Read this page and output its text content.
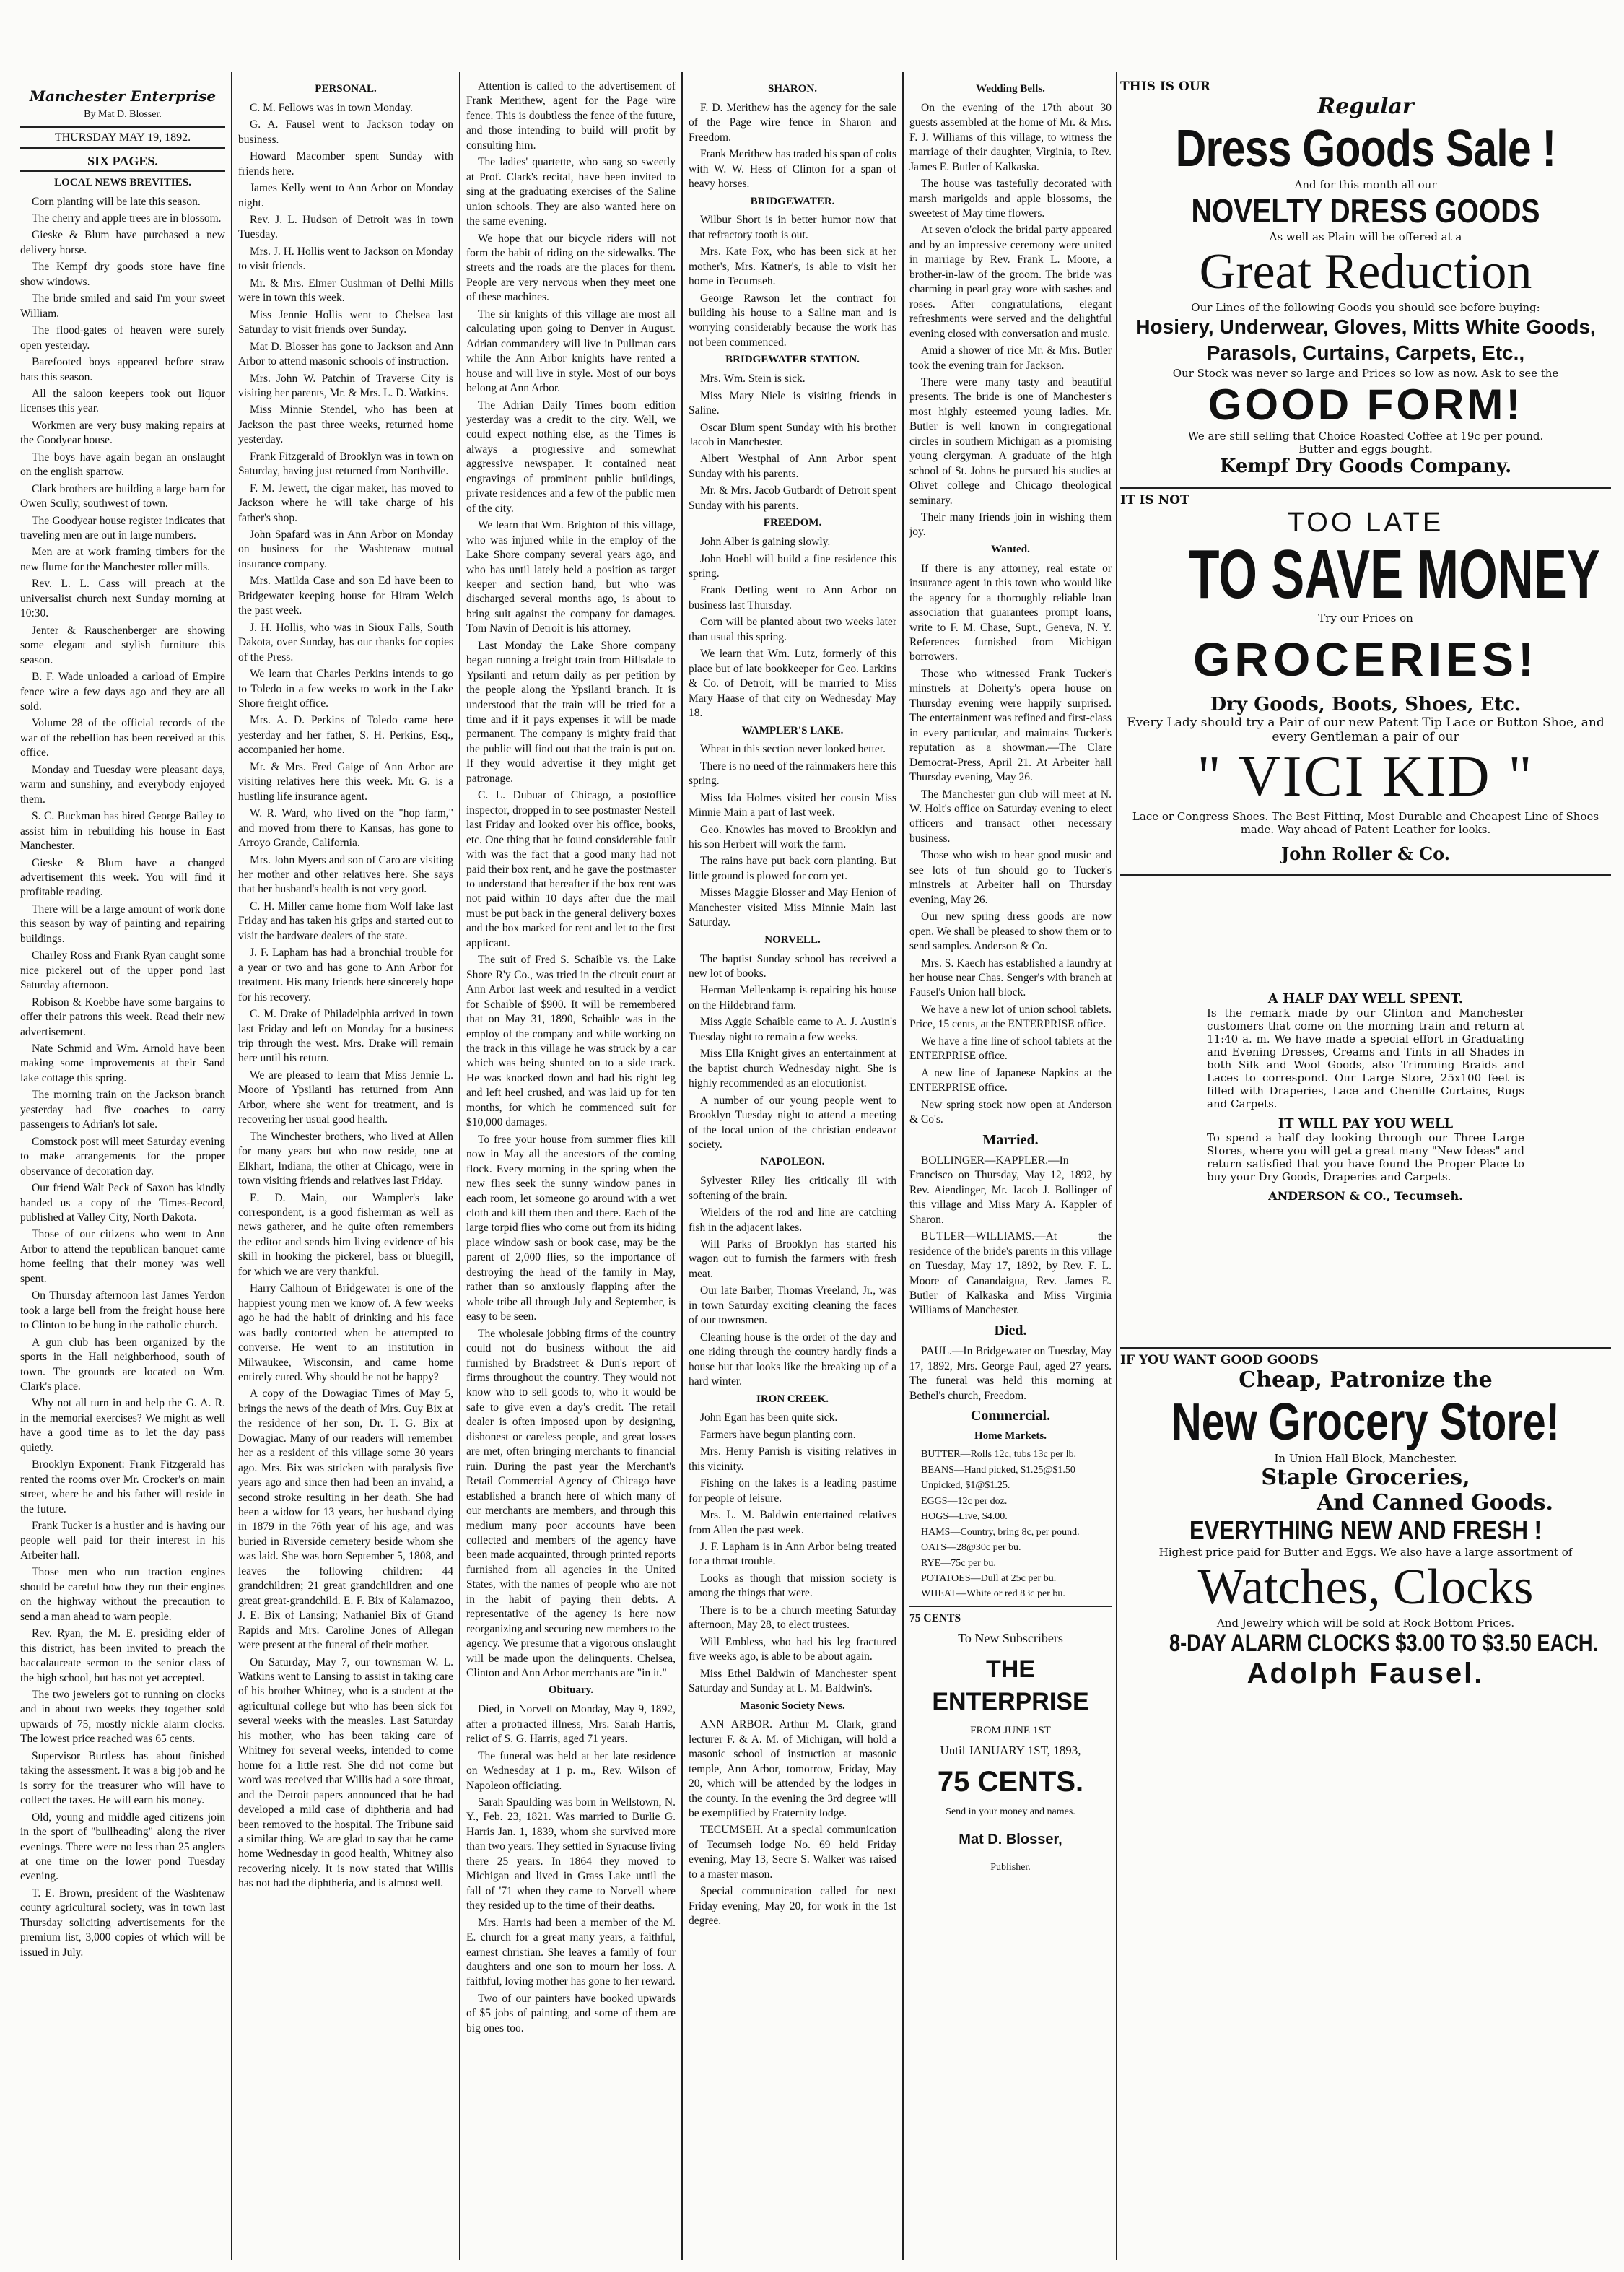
Manchester Enterprise
By Mat D. Blosser.
THURSDAY MAY 19, 1892.
SIX PAGES.
LOCAL NEWS BREVITIES.

Corn planting will be late this season.

The cherry and apple trees are in blossom.

Gieske & Blum have purchased a new delivery horse.

The Kempf dry goods store have fine show windows.

The bride smiled and said I'm your sweet William.

The flood-gates of heaven were surely open yesterday.

Barefooted boys appeared before straw hats this season.

All the saloon keepers took out liquor licenses this year.

Workmen are very busy making repairs at the Goodyear house.

The boys have again began an onslaught on the english sparrow.

Clark brothers are building a large barn for Owen Scully, southwest of town.

The Goodyear house register indicates that traveling men are out in large numbers.

Men are at work framing timbers for the new flume for the Manchester roller mills.

Rev. L. L. Cass will preach at the universalist church next Sunday morning at 10:30.

Jenter & Rauschenberger are showing some elegant and stylish furniture this season.

B. F. Wade unloaded a carload of Empire fence wire a few days ago and they are all sold.

Volume 28 of the official records of the war of the rebellion has been received at this office.

Monday and Tuesday were pleasant days, warm and sunshiny, and everybody enjoyed them.

S. C. Buckman has hired George Bailey to assist him in rebuilding his house in East Manchester.

Gieske & Blum have a changed advertisement this week. You will find it profitable reading.

There will be a large amount of work done this season by way of painting and repairing buildings.

Charley Ross and Frank Ryan caught some nice pickerel out of the upper pond last Saturday afternoon.

Robison & Koebbe have some bargains to offer their patrons this week. Read their new advertisement.

Nate Schmid and Wm. Arnold have been making some improvements at their Sand lake cottage this spring.

The morning train on the Jackson branch yesterday had five coaches to carry passengers to Adrian's lot sale.

Comstock post will meet Saturday evening to make arrangements for the proper observance of decoration day.

Our friend Walt Peck of Saxon has kindly handed us a copy of the Times-Record, published at Valley City, North Dakota.

Those of our citizens who went to Ann Arbor to attend the republican banquet came home feeling that their money was well spent.

On Thursday afternoon last James Yerdon took a large bell from the freight house here to Clinton to be hung in the catholic church.

A gun club has been organized by the sports in the Hall neighborhood, south of town. The grounds are located on Wm. Clark's place.

Why not all turn in and help the G. A. R. in the memorial exercises? We might as well have a good time as to let the day pass quietly.

Brooklyn Exponent: Frank Fitzgerald has rented the rooms over Mr. Crocker's on main street, where he and his father will reside in the future.

Frank Tucker is a hustler and is having our people well paid for their interest in his Arbeiter hall.

Those men who run traction engines should be careful how they run their engines on the highway without the precaution to send a man ahead to warn people.

Rev. Ryan, the M. E. presiding elder of this district, has been invited to preach the baccalaureate sermon to the senior class of the high school, but has not yet accepted.

The two jewelers got to running on clocks and in about two weeks they together sold upwards of 75, mostly nickle alarm clocks. The lowest price reached was 65 cents.

Supervisor Burtless has about finished taking the assessment. It was a big job and he is sorry for the treasurer who will have to collect the taxes. He will earn his money.

Old, young and middle aged citizens join in the sport of "bullheading" along the river evenings. There were no less than 25 anglers at one time on the lower pond Tuesday evening.

T. E. Brown, president of the Washtenaw county agricultural society, was in town last Thursday soliciting advertisements for the premium list, 3,000 copies of which will be issued in July.

PERSONAL.

C. M. Fellows was in town Monday.

G. A. Fausel went to Jackson today on business.

Howard Macomber spent Sunday with friends here.

James Kelly went to Ann Arbor on Monday night.

Rev. J. L. Hudson of Detroit was in town Tuesday.

Mrs. J. H. Hollis went to Jackson on Monday to visit friends.

Mr. & Mrs. Elmer Cushman of Delhi Mills were in town this week.

Miss Jennie Hollis went to Chelsea last Saturday to visit friends over Sunday.

Mat D. Blosser has gone to Jackson and Ann Arbor to attend masonic schools of instruction.

Mrs. John W. Patchin of Traverse City is visiting her parents, Mr. & Mrs. L. D. Watkins.

Miss Minnie Stendel, who has been at Jackson the past three weeks, returned home yesterday.

Frank Fitzgerald of Brooklyn was in town on Saturday, having just returned from Northville.

F. M. Jewett, the cigar maker, has moved to Jackson where he will take charge of his father's shop.

John Spafard was in Ann Arbor on Monday on business for the Washtenaw mutual insurance company.

Mrs. Matilda Case and son Ed have been to Bridgewater keeping house for Hiram Welch the past week.

J. H. Hollis, who was in Sioux Falls, South Dakota, over Sunday, has our thanks for copies of the Press.

We learn that Charles Perkins intends to go to Toledo in a few weeks to work in the Lake Shore freight office.

Mrs. A. D. Perkins of Toledo came here yesterday and her father, S. H. Perkins, Esq., accompanied her home.

Mr. & Mrs. Fred Gaige of Ann Arbor are visiting relatives here this week. Mr. G. is a hustling life insurance agent.

W. R. Ward, who lived on the "hop farm," and moved from there to Kansas, has gone to Arroyo Grande, California.

Mrs. John Myers and son of Caro are visiting her mother and other relatives here. She says that her husband's health is not very good.

C. H. Miller came home from Wolf lake last Friday and has taken his grips and started out to visit the hardware dealers of the state.

J. F. Lapham has had a bronchial trouble for a year or two and has gone to Ann Arbor for treatment. His many friends here sincerely hope for his recovery.

C. M. Drake of Philadelphia arrived in town last Friday and left on Monday for a business trip through the west. Mrs. Drake will remain here until his return.

We are pleased to learn that Miss Jennie L. Moore of Ypsilanti has returned from Ann Arbor, where she went for treatment, and is recovering her usual good health.

The Winchester brothers, who lived at Allen for many years but who now reside, one at Elkhart, Indiana, the other at Chicago, were in town visiting friends and relatives last Friday.

E. D. Main, our Wampler's lake correspondent, is a good fisherman as well as news gatherer, and he quite often remembers the editor and sends him living evidence of his skill in hooking the pickerel, bass or bluegill, for which we are very thankful.

Harry Calhoun of Bridgewater is one of the happiest young men we know of. A few weeks ago he had the habit of drinking and his face was badly contorted when he attempted to converse. He went to an institution in Milwaukee, Wisconsin, and came home entirely cured. Why should he not be happy?

A copy of the Dowagiac Times of May 5, brings the news of the death of Mrs. Guy Bix at the residence of her son, Dr. T. G. Bix at Dowagiac. Many of our readers will remember her as a resident of this village some 30 years ago. Mrs. Bix was stricken with paralysis five years ago and since then had been an invalid, a second stroke resulting in her death. She had been a widow for 13 years, her husband dying in 1879 in the 76th year of his age, and was buried in Riverside cemetery beside whom she was laid. She was born September 5, 1808, and leaves the following children: 44 grandchildren; 21 great grandchildren and one great great-grandchild. E. F. Bix of Kalamazoo, J. E. Bix of Lansing; Nathaniel Bix of Grand Rapids and Mrs. Caroline Jones of Allegan were present at the funeral of their mother.

On Saturday, May 7, our townsman W. L. Watkins went to Lansing to assist in taking care of his brother Whitney, who is a student at the agricultural college but who has been sick for several weeks with the measles. Last Saturday his mother, who has been taking care of Whitney for several weeks, intended to come home for a little rest. She did not come but word was received that Willis had a sore throat, and the Detroit papers announced that he had developed a mild case of diphtheria and had been removed to the hospital. The Tribune said a similar thing. We are glad to say that he came home Wednesday in good health, Whitney also recovering nicely. It is now stated that Willis has not had the diphtheria, and is almost well.

Attention is called to the advertisement of Frank Merithew, agent for the Page wire fence. This is doubtless the fence of the future, and those intending to build will profit by consulting him.

The ladies' quartette, who sang so sweetly at Prof. Clark's recital, have been invited to sing at the graduating exercises of the Saline union schools. They are also wanted here on the same evening.

We hope that our bicycle riders will not form the habit of riding on the sidewalks. The streets and the roads are the places for them. People are very nervous when they meet one of these machines.

The sir knights of this village are most all calculating upon going to Denver in August. Adrian commandery will live in Pullman cars while the Ann Arbor knights have rented a house and will live in style. Most of our boys belong at Ann Arbor.

The Adrian Daily Times boom edition yesterday was a credit to the city. Well, we could expect nothing else, as the Times is always a progressive and somewhat aggressive newspaper. It contained neat engravings of prominent public buildings, private residences and a few of the public men of the city.

We learn that Wm. Brighton of this village, who was injured while in the employ of the Lake Shore company several years ago, and who has until lately held a position as target keeper and section hand, but who was discharged several months ago, is about to bring suit against the company for damages. Tom Navin of Detroit is his attorney.

Last Monday the Lake Shore company began running a freight train from Hillsdale to Ypsilanti and return daily as per petition by the people along the Ypsilanti branch. It is understood that the train will be tried for a time and if it pays expenses it will be made permanent. The company is mighty fraid that the public will find out that the train is put on. If they would advertise it they might get patronage.

C. L. Dubuar of Chicago, a postoffice inspector, dropped in to see postmaster Nestell last Friday and looked over his office, books, etc. One thing that he found considerable fault with was the fact that a good many had not paid their box rent, and he gave the postmaster to understand that hereafter if the box rent was not paid within 10 days after due the mail must be put back in the general delivery boxes and the box marked for rent and let to the first applicant.

The suit of Fred S. Schaible vs. the Lake Shore R'y Co., was tried in the circuit court at Ann Arbor last week and resulted in a verdict for Schaible of $900. It will be remembered that on May 31, 1890, Schaible was in the employ of the company and while working on the track in this village he was struck by a car which was being shunted on to a side track. He was knocked down and had his right leg and left heel crushed, and was laid up for ten months, for which he commenced suit for $10,000 damages.

To free your house from summer flies kill now in May all the ancestors of the coming flock. Every morning in the spring when the new flies seek the sunny window panes in each room, let someone go around with a wet cloth and kill them then and there. Each of the large torpid flies who come out from its hiding place window sash or book case, may be the parent of 2,000 flies, so the importance of destroying the head of the family in May, rather than so anxiously flapping after the whole tribe all through July and September, is easy to be seen.

The wholesale jobbing firms of the country could not do business without the aid furnished by Bradstreet & Dun's report of firms throughout the country. They would not know who to sell goods to, who it would be safe to give even a day's credit. The retail dealer is often imposed upon by designing, dishonest or careless people, and great losses are met, often bringing merchants to financial ruin. During the past year the Merchant's Retail Commercial Agency of Chicago have established a branch here of which many of our merchants are members, and through this medium many poor accounts have been collected and members of the agency have been made acquainted, through printed reports furnished from all agencies in the United States, with the names of people who are not in the habit of paying their debts. A representative of the agency is here now reorganizing and securing new members to the agency. We presume that a vigorous onslaught will be made upon the delinquents. Chelsea, Clinton and Ann Arbor merchants are "in it."

Obituary.

Died, in Norvell on Monday, May 9, 1892, after a protracted illness, Mrs. Sarah Harris, relict of S. G. Harris, aged 71 years.

The funeral was held at her late residence on Wednesday at 1 p. m., Rev. Wilson of Napoleon officiating.

Sarah Spaulding was born in Wellstown, N. Y., Feb. 23, 1821. Was married to Burlie G. Harris Jan. 1, 1839, whom she survived more than two years. They settled in Syracuse living there 25 years. In 1864 they moved to Michigan and lived in Grass Lake until the fall of '71 when they came to Norvell where they resided up to the time of their deaths.

Mrs. Harris had been a member of the M. E. church for a great many years, a faithful, earnest christian. She leaves a family of four daughters and one son to mourn her loss. A faithful, loving mother has gone to her reward.

Two of our painters have booked upwards of $5 jobs of painting, and some of them are big ones too.

SHARON.

F. D. Merithew has the agency for the sale of the Page wire fence in Sharon and Freedom.

Frank Merithew has traded his span of colts with W. W. Hess of Clinton for a span of heavy horses.

BRIDGEWATER.

Wilbur Short is in better humor now that that refractory tooth is out.

Mrs. Kate Fox, who has been sick at her mother's, Mrs. Katner's, is able to visit her home in Tecumseh.

George Rawson let the contract for building his house to a Saline man and is worrying considerably because the work has not been commenced.

BRIDGEWATER STATION.

Mrs. Wm. Stein is sick.

Miss Mary Niele is visiting friends in Saline.

Oscar Blum spent Sunday with his brother Jacob in Manchester.

Albert Westphal of Ann Arbor spent Sunday with his parents.

Mr. & Mrs. Jacob Gutbardt of Detroit spent Sunday with his parents.

FREEDOM.

John Alber is gaining slowly.

John Hoehl will build a fine residence this spring.

Frank Detling went to Ann Arbor on business last Thursday.

Corn will be planted about two weeks later than usual this spring.

We learn that Wm. Lutz, formerly of this place but of late bookkeeper for Geo. Larkins & Co. of Detroit, will be married to Miss Mary Haase of that city on Wednesday May 18.

WAMPLER'S LAKE.

Wheat in this section never looked better.

There is no need of the rainmakers here this spring.

Miss Ida Holmes visited her cousin Miss Minnie Main a part of last week.

Geo. Knowles has moved to Brooklyn and his son Herbert will work the farm.

The rains have put back corn planting. But little ground is plowed for corn yet.

Misses Maggie Blosser and May Henion of Manchester visited Miss Minnie Main last Saturday.

NORVELL.

The baptist Sunday school has received a new lot of books.

Herman Mellenkamp is repairing his house on the Hildebrand farm.

Miss Aggie Schaible came to A. J. Austin's Tuesday night to remain a few weeks.

Miss Ella Knight gives an entertainment at the baptist church Wednesday night. She is highly recommended as an elocutionist.

A number of our young people went to Brooklyn Tuesday night to attend a meeting of the local union of the christian endeavor society.

NAPOLEON.

Sylvester Riley lies critically ill with softening of the brain.

Wielders of the rod and line are catching fish in the adjacent lakes.

Will Parks of Brooklyn has started his wagon out to furnish the farmers with fresh meat.

Our late Barber, Thomas Vreeland, Jr., was in town Saturday exciting cleaning the faces of our townsmen.

Cleaning house is the order of the day and one riding through the country hardly finds a house but that looks like the breaking up of a hard winter.

IRON CREEK.

John Egan has been quite sick.

Farmers have begun planting corn.

Mrs. Henry Parrish is visiting relatives in this vicinity.

Fishing on the lakes is a leading pastime for people of leisure.

Mrs. L. M. Baldwin entertained relatives from Allen the past week.

J. F. Lapham is in Ann Arbor being treated for a throat trouble.

Looks as though that mission society is among the things that were.

There is to be a church meeting Saturday afternoon, May 28, to elect trustees.

Will Embless, who had his leg fractured five weeks ago, is able to be about again.

Miss Ethel Baldwin of Manchester spent Saturday and Sunday at L. M. Baldwin's.

Masonic Society News.

ANN ARBOR. Arthur M. Clark, grand lecturer F. & A. M. of Michigan, will hold a masonic school of instruction at masonic temple, Ann Arbor, tomorrow, Friday, May 20, which will be attended by the lodges in the county. In the evening the 3rd degree will be exemplified by Fraternity lodge.

TECUMSEH. At a special communication of Tecumseh lodge No. 69 held Friday evening, May 13, Secre S. Walker was raised to a master mason.

Special communication called for next Friday evening, May 20, for work in the 1st degree.

Wedding Bells.

On the evening of the 17th about 30 guests assembled at the home of Mr. & Mrs. F. J. Williams of this village, to witness the marriage of their daughter, Virginia, to Rev. James E. Butler of Kalkaska.

The house was tastefully decorated with marsh marigolds and apple blossoms, the sweetest of May time flowers.

At seven o'clock the bridal party appeared and by an impressive ceremony were united in marriage by Rev. Frank L. Moore, a brother-in-law of the groom. The bride was charming in pearl gray wore with sashes and roses. After congratulations, elegant refreshments were served and the delightful evening closed with conversation and music.

Amid a shower of rice Mr. & Mrs. Butler took the evening train for Jackson.

There were many tasty and beautiful presents. The bride is one of Manchester's most highly esteemed young ladies. Mr. Butler is well known in congregational circles in southern Michigan as a promising young clergyman. A graduate of the high school of St. Johns he pursued his studies at Olivet college and Chicago theological seminary.

Their many friends join in wishing them joy.

Wanted.

If there is any attorney, real estate or insurance agent in this town who would like the agency for a thoroughly reliable loan association that guarantees prompt loans, write to F. M. Chase, Supt., Geneva, N. Y. References furnished from Michigan borrowers.

Those who witnessed Frank Tucker's minstrels at Doherty's opera house on Thursday evening were happily surprised. The entertainment was refined and first-class in every particular, and maintains Tucker's reputation as a showman.—The Clare Democrat-Press, April 21. At Arbeiter hall Thursday evening, May 26.

The Manchester gun club will meet at N. W. Holt's office on Saturday evening to elect officers and transact other necessary business.

Those who wish to hear good music and see lots of fun should go to Tucker's minstrels at Arbeiter hall on Thursday evening, May 26.

Our new spring dress goods are now open. We shall be pleased to show them or to send samples. Anderson & Co.

Mrs. S. Kaech has established a laundry at her house near Chas. Senger's with branch at Fausel's Union hall block.

We have a new lot of union school tablets. Price, 15 cents, at the ENTERPRISE office.

We have a fine line of school tablets at the ENTERPRISE office.

A new line of Japanese Napkins at the ENTERPRISE office.

New spring stock now open at Anderson & Co's.

Married.

BOLLINGER—KAPPLER.—In Francisco on Thursday, May 12, 1892, by Rev. Aiendinger, Mr. Jacob J. Bollinger of this village and Miss Mary A. Kappler of Sharon.

BUTLER—WILLIAMS.—At the residence of the bride's parents in this village on Tuesday, May 17, 1892, by Rev. F. L. Moore of Canandaigua, Rev. James E. Butler of Kalkaska and Miss Virginia Williams of Manchester.

Died.

PAUL.—In Bridgewater on Tuesday, May 17, 1892, Mrs. George Paul, aged 27 years. The funeral was held this morning at Bethel's church, Freedom.

Commercial.
Home Markets.

BUTTER—Rolls 12c, tubs 13c per lb.

BEANS—Hand picked, $1.25@$1.50

Unpicked, $1@$1.25.

EGGS—12c per doz.

HOGS—Live, $4.00.

HAMS—Country, bring 8c, per pound.

OATS—28@30c per bu.

RYE—75c per bu.

POTATOES—Dull at 25c per bu.

WHEAT—White or red 83c per bu.

75 CENTS
To New Subscribers
THE ENTERPRISE
FROM JUNE 1ST
Until JANUARY 1ST, 1893,
75 CENTS.
Send in your money and names.
Mat D. Blosser,
Publisher.
THIS IS OUR
Regular
Dress Goods Sale !
And for this month all our
NOVELTY DRESS GOODS
As well as Plain will be offered at a
Great Reduction
Our Lines of the following Goods you should see before buying:
Hosiery, Underwear, Gloves, Mitts White Goods, Parasols, Curtains, Carpets, Etc.,
Our Stock was never so large and Prices so low as now. Ask to see the
GOOD FORM!
We are still selling that Choice Roasted Coffee at 19c per pound.
Butter and eggs bought.
Kempf Dry Goods Company.
IT IS NOT
TOO LATE
TO SAVE MONEY
Try our Prices on
GROCERIES!
Dry Goods, Boots, Shoes, Etc.
Every Lady should try a Pair of our new Patent Tip Lace or Button Shoe, and every Gentleman a pair of our
" VICI KID "
Lace or Congress Shoes. The Best Fitting, Most Durable and Cheapest Line of Shoes made. Way ahead of Patent Leather for looks.
John Roller & Co.
A HALF DAY WELL SPENT.
Is the remark made by our Clinton and Manchester customers that come on the morning train and return at 11:40 a. m. We have made a special effort in Graduating and Evening Dresses, Creams and Tints in all Shades in both Silk and Wool Goods, also Trimming Braids and Laces to correspond. Our Large Store, 25x100 feet is filled with Draperies, Lace and Chenille Curtains, Rugs and Carpets.
IT WILL PAY YOU WELL
To spend a half day looking through our Three Large Stores, where you will get a great many "New Ideas" and return satisfied that you have found the Proper Place to buy your Dry Goods, Draperies and Carpets.
ANDERSON & CO., Tecumseh.
IF YOU WANT GOOD GOODS
Cheap, Patronize the
New Grocery Store!
In Union Hall Block, Manchester.
Staple Groceries,
And Canned Goods.
EVERYTHING NEW AND FRESH !
Highest price paid for Butter and Eggs. We also have a large assortment of
Watches, Clocks
And Jewelry which will be sold at Rock Bottom Prices.
8-DAY ALARM CLOCKS $3.00 TO $3.50 EACH.
Adolph Fausel.
